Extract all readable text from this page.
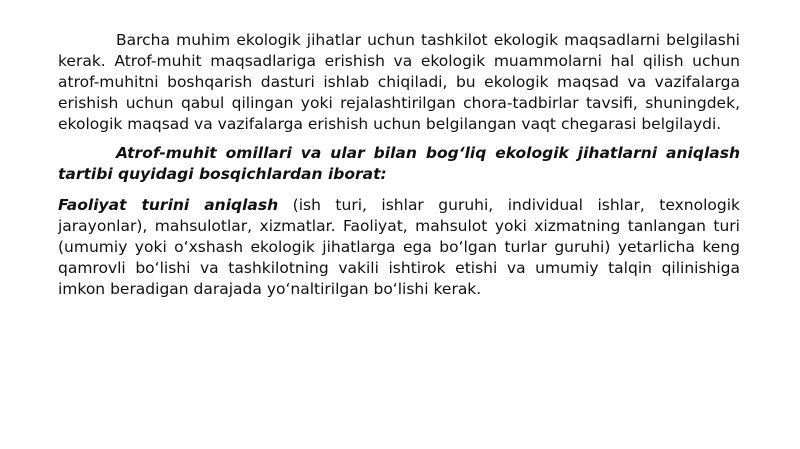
Barcha muhim ekologik jihatlar uchun tashkilot ekologik maqsadlarni belgilashi kerak. Atrof-muhit maqsadlariga erishish va ekologik muammolarni hal qilish uchun atrof-muhitni boshqarish dasturi ishlab chiqiladi, bu ekologik maqsad va vazifalarga erishish uchun qabul qilingan yoki rejalashtirilgan chora-tadbirlar tavsifi, shuningdek, ekologik maqsad va vazifalarga erishish uchun belgilangan vaqt chegarasi belgilaydi.

Atrof-muhit omillari va ular bilan bogʻliq ekologik jihatlarni aniqlash tartibi quyidagi bosqichlardan iborat:

Faoliyat turini aniqlash (ish turi, ishlar guruhi, individual ishlar, texnologik jarayonlar), mahsulotlar, xizmatlar. Faoliyat, mahsulot yoki xizmatning tanlangan turi (umumiy yoki oʻxshash ekologik jihatlarga ega boʻlgan turlar guruhi) yetarlicha keng qamrovli boʻlishi va tashkilotning vakili ishtirok etishi va umumiy talqin qilinishiga imkon beradigan darajada yoʻnaltirilgan boʻlishi kerak.
